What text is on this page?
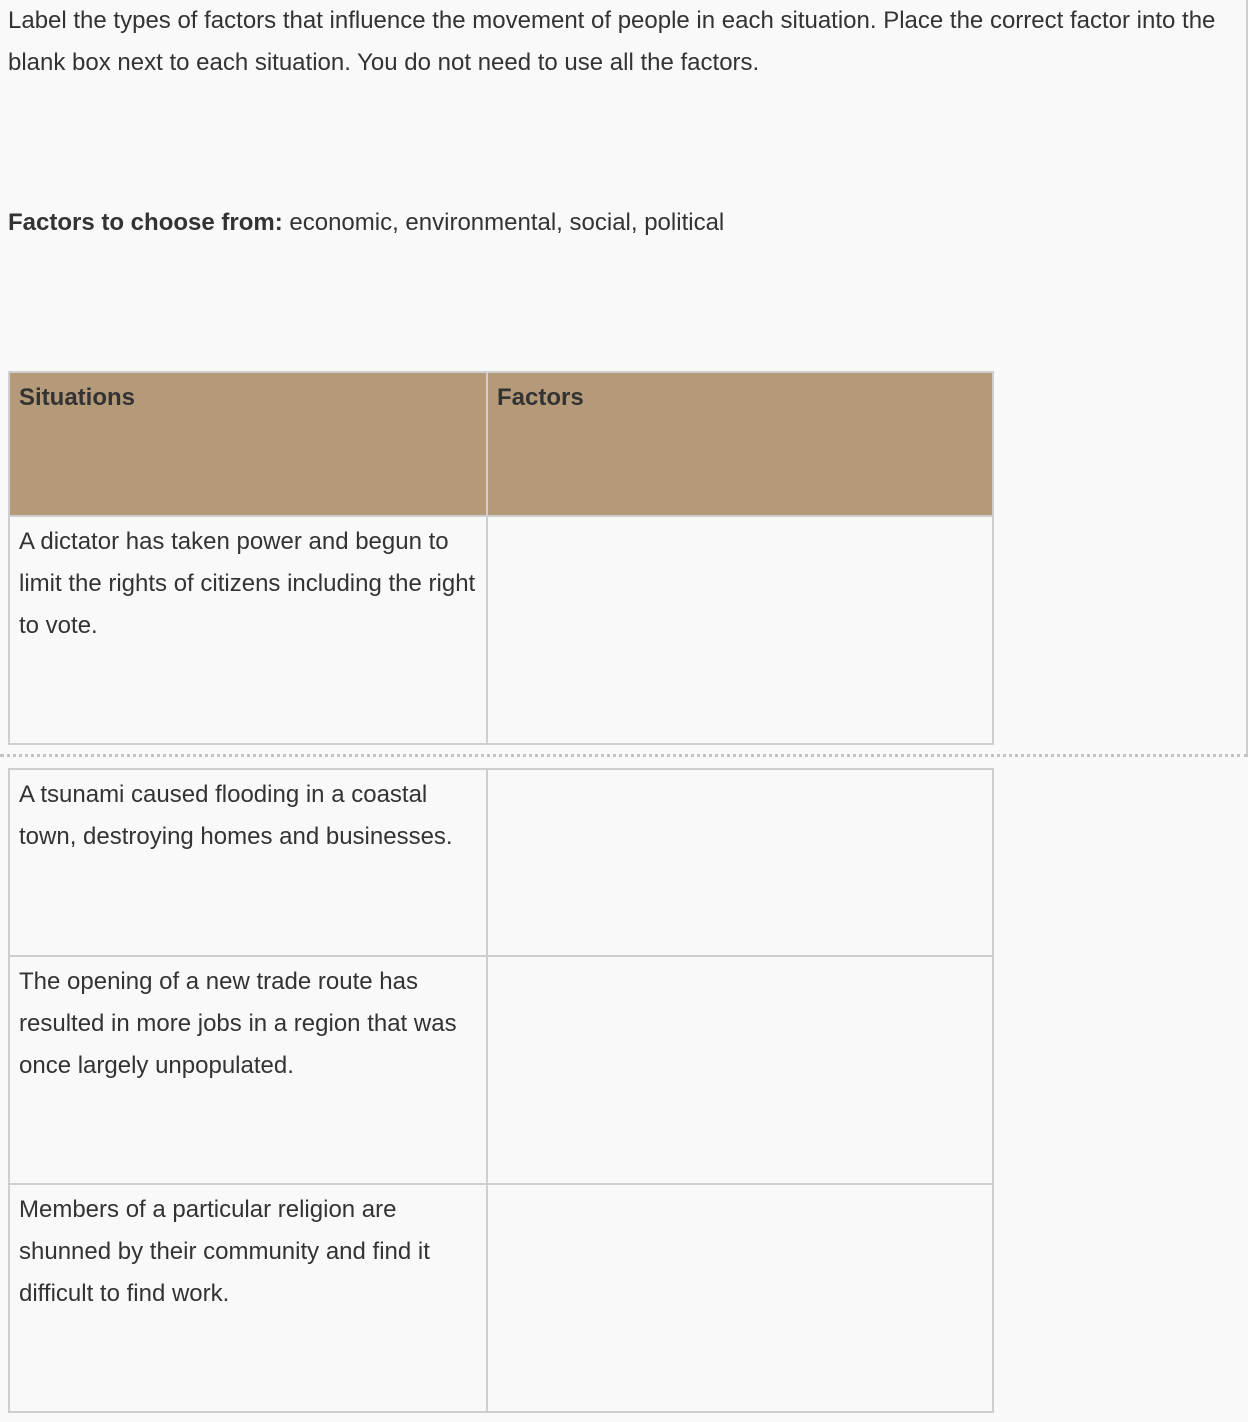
Label the types of factors that influence the movement of people in each situation. Place the correct factor into the blank box next to each situation. You do not need to use all the factors.

Factors to choose from: economic, environmental, social, political

Situations	Factors
A dictator has taken power and begun to limit the rights of citizens including the right to vote.	
A tsunami caused flooding in a coastal town, destroying homes and businesses.	

The opening of a new trade route has resulted in more jobs in a region that was once largely unpopulated.	

Members of a particular religion are shunned by their community and find it difficult to find work.	
